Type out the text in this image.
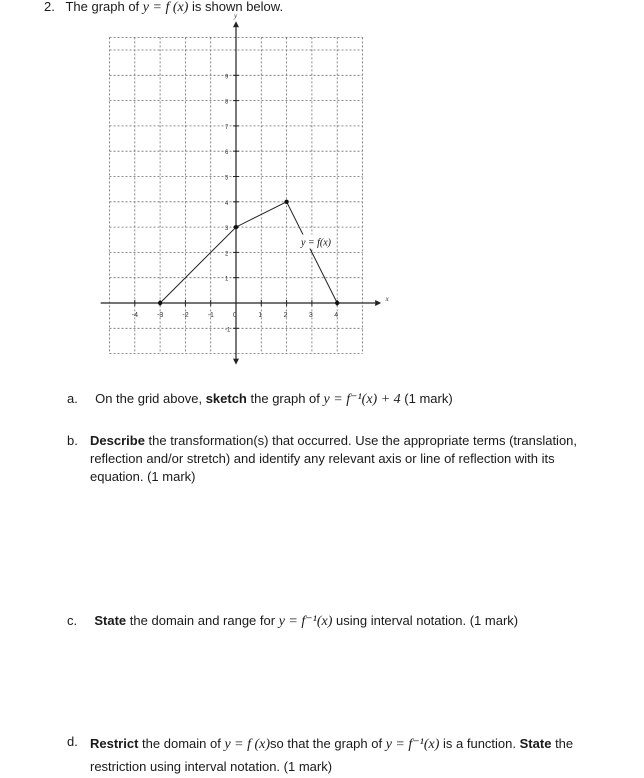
2. The graph of y = f (x) is shown below.
x
y
-4	-3	-2	-1	0	1	2	3	4
9
8
7
6
5
4
3
2
1
-1
y = f(x)
a. On the grid above, sketch the graph of y = f⁻¹(x) + 4 (1 mark)
b. Describe the transformation(s) that occurred. Use the appropriate terms (translation,
reflection and/or stretch) and identify any relevant axis or line of reflection with its
equation. (1 mark)
c. State the domain and range for y = f⁻¹(x) using interval notation. (1 mark)
d. Restrict the domain of y = f (x)so that the graph of y = f⁻¹(x) is a function. State the
restriction using interval notation. (1 mark)
